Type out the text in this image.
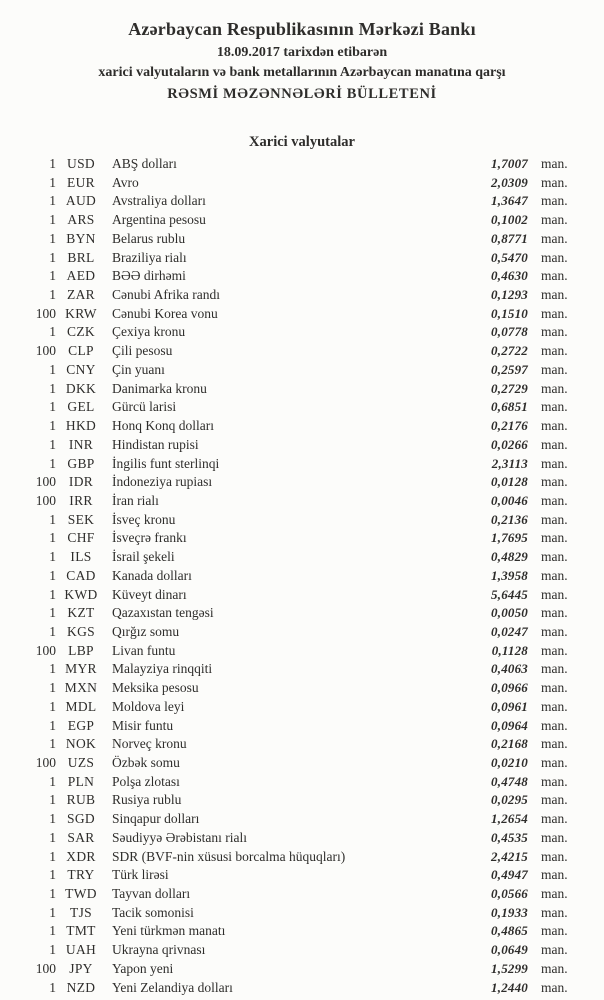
Azərbaycan Respublikasının Mərkəzi Bankı
18.09.2017 tarixdən etibarən
xarici valyutaların və bank metallarının Azərbaycan manatına qarşı
RƏSMİ MƏZƏNNƏLƏRİ BÜLLETENİ
Xarici valyutalar
1 USD	ABŞ dolları	1,7007 man.
1 EUR	Avro	2,0309 man.
1 AUD	Avstraliya dolları	1,3647 man.
1 ARS	Argentina pesosu	0,1002 man.
1 BYN	Belarus rublu	0,8771 man.
1 BRL	Braziliya rialı	0,5470 man.
1 AED	BƏƏ dirhəmi	0,4630 man.
1 ZAR	Cənubi Afrika randı	0,1293 man.
100 KRW	Cənubi Korea vonu	0,1510 man.
1 CZK	Çexiya kronu	0,0778 man.
100 CLP	Çili pesosu	0,2722 man.
1 CNY	Çin yuanı	0,2597 man.
1 DKK	Danimarka kronu	0,2729 man.
1 GEL	Gürcü larisi	0,6851 man.
1 HKD	Honq Konq dolları	0,2176 man.
1 INR	Hindistan rupisi	0,0266 man.
1 GBP	İngilis funt sterlinqi	2,3113 man.
100 IDR	İndoneziya rupiası	0,0128 man.
100 IRR	İran rialı	0,0046 man.
1 SEK	İsveç kronu	0,2136 man.
1 CHF	İsveçrə frankı	1,7695 man.
1	ILS	İsrail şekeli	0,4829 man.
1 CAD	Kanada dolları	1,3958 man.
1 KWD	Küveyt dinarı	5,6445 man.
1 KZT	Qazaxıstan tengəsi	0,0050 man.
1 KGS	Qırğız somu	0,0247 man.
100 LBP	Livan funtu	0,1128 man.
1 MYR	Malayziya rinqqiti	0,4063 man.
1 MXN	Meksika pesosu	0,0966 man.
1 MDL	Moldova leyi	0,0961 man.
1 EGP	Misir funtu	0,0964 man.
1 NOK	Norveç kronu	0,2168 man.
100 UZS	Özbək somu	0,0210 man.
1 PLN	Polşa zlotası	0,4748 man.
1 RUB	Rusiya rublu	0,0295 man.
1 SGD	Sinqapur dolları	1,2654 man.
1 SAR	Səudiyyə Ərəbistanı rialı	0,4535 man.
1 XDR	SDR (BVF-nin xüsusi borcalma hüquqları)	2,4215 man.
1 TRY	Türk lirəsi	0,4947 man.
1 TWD	Tayvan dolları	0,0566 man.
1	TJS	Tacik somonisi	0,1933 man.
1 TMT	Yeni türkmən manatı	0,4865 man.
1 UAH	Ukrayna qrivnası	0,0649 man.
100 JPY	Yapon yeni	1,5299 man.
1 NZD	Yeni Zelandiya dolları	1,2440 man.
